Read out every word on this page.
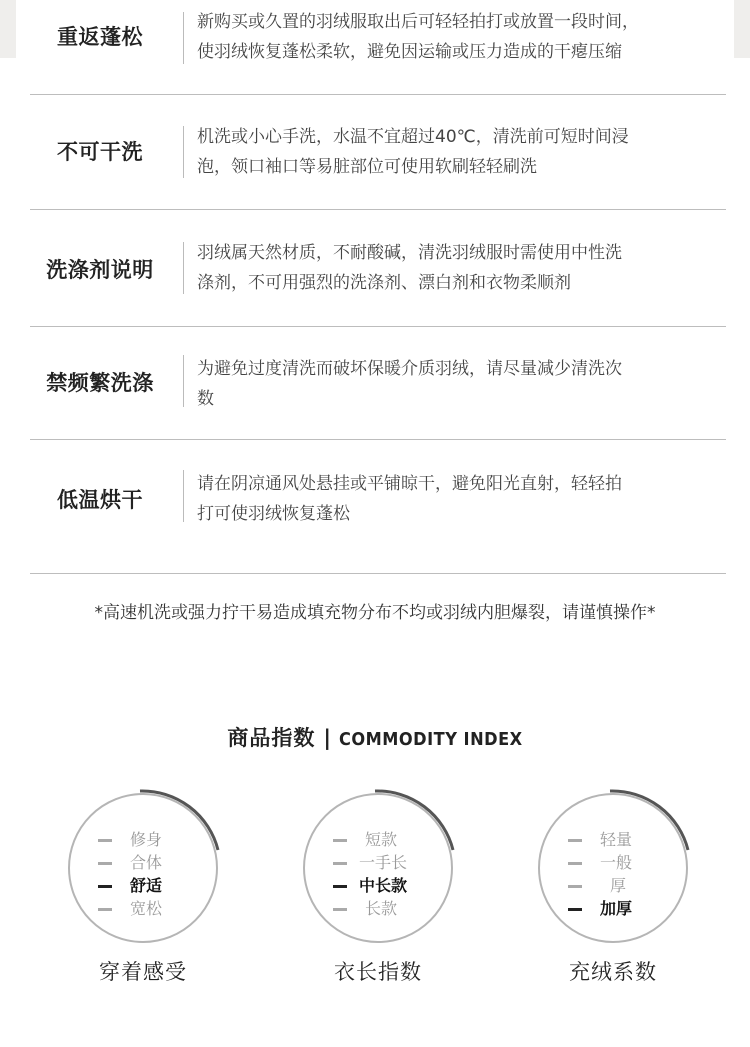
重返蓬松
新购买或久置的羽绒服取出后可轻轻拍打或放置一段时间，
使羽绒恢复蓬松柔软，避免因运输或压力造成的干瘪压缩
不可干洗
机洗或小心手洗，水温不宜超过40℃，清洗前可短时间浸
泡，领口袖口等易脏部位可使用软刷轻轻刷洗
洗涤剂说明
羽绒属天然材质，不耐酸碱，清洗羽绒服时需使用中性洗
涤剂，不可用强烈的洗涤剂、漂白剂和衣物柔顺剂
禁频繁洗涤
为避免过度清洗而破坏保暖介质羽绒，请尽量减少清洗次
数
低温烘干
请在阴凉通风处悬挂或平铺晾干，避免阳光直射，轻轻拍
打可使羽绒恢复蓬松
*高速机洗或强力拧干易造成填充物分布不均或羽绒内胆爆裂，请谨慎操作*
商品指数 | COMMODITY INDEX
修身
合体
舒适
宽松
穿着感受
短款
一手长
中长款
长款
衣长指数
轻量
一般
厚
加厚
充绒系数
